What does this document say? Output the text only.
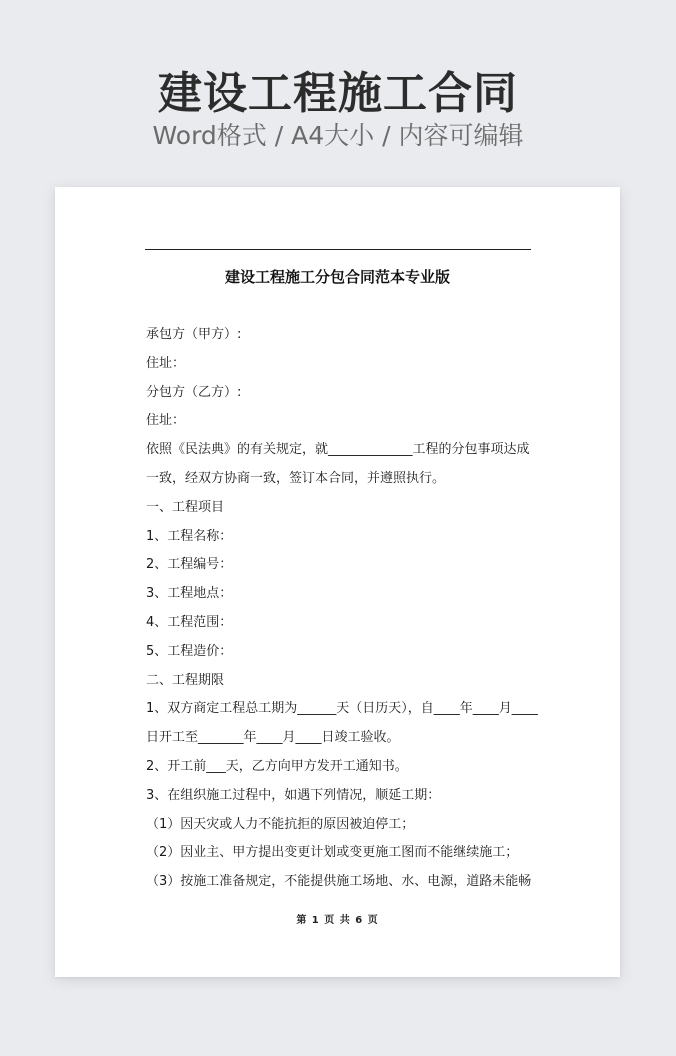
建设工程施工合同
Word格式 / A4大小 / 内容可编辑
建设工程施工分包合同范本专业版
承包方（甲方）:
住址：
分包方（乙方）:
住址：
依照《民法典》的有关规定，就_____________工程的分包事项达成
一致，经双方协商一致，签订本合同，并遵照执行。
一、工程项目
1、工程名称：
2、工程编号：
3、工程地点：
4、工程范围：
5、工程造价：
二、工程期限
1、双方商定工程总工期为______天（日历天），自____年____月____
日开工至_______年____月____日竣工验收。
2、开工前___天，乙方向甲方发开工通知书。
3、在组织施工过程中，如遇下列情况，顺延工期：
（1）因天灾或人力不能抗拒的原因被迫停工；
（2）因业主、甲方提出变更计划或变更施工图而不能继续施工；
（3）按施工准备规定，不能提供施工场地、水、电源，道路未能畅
第 1 页 共 6 页
